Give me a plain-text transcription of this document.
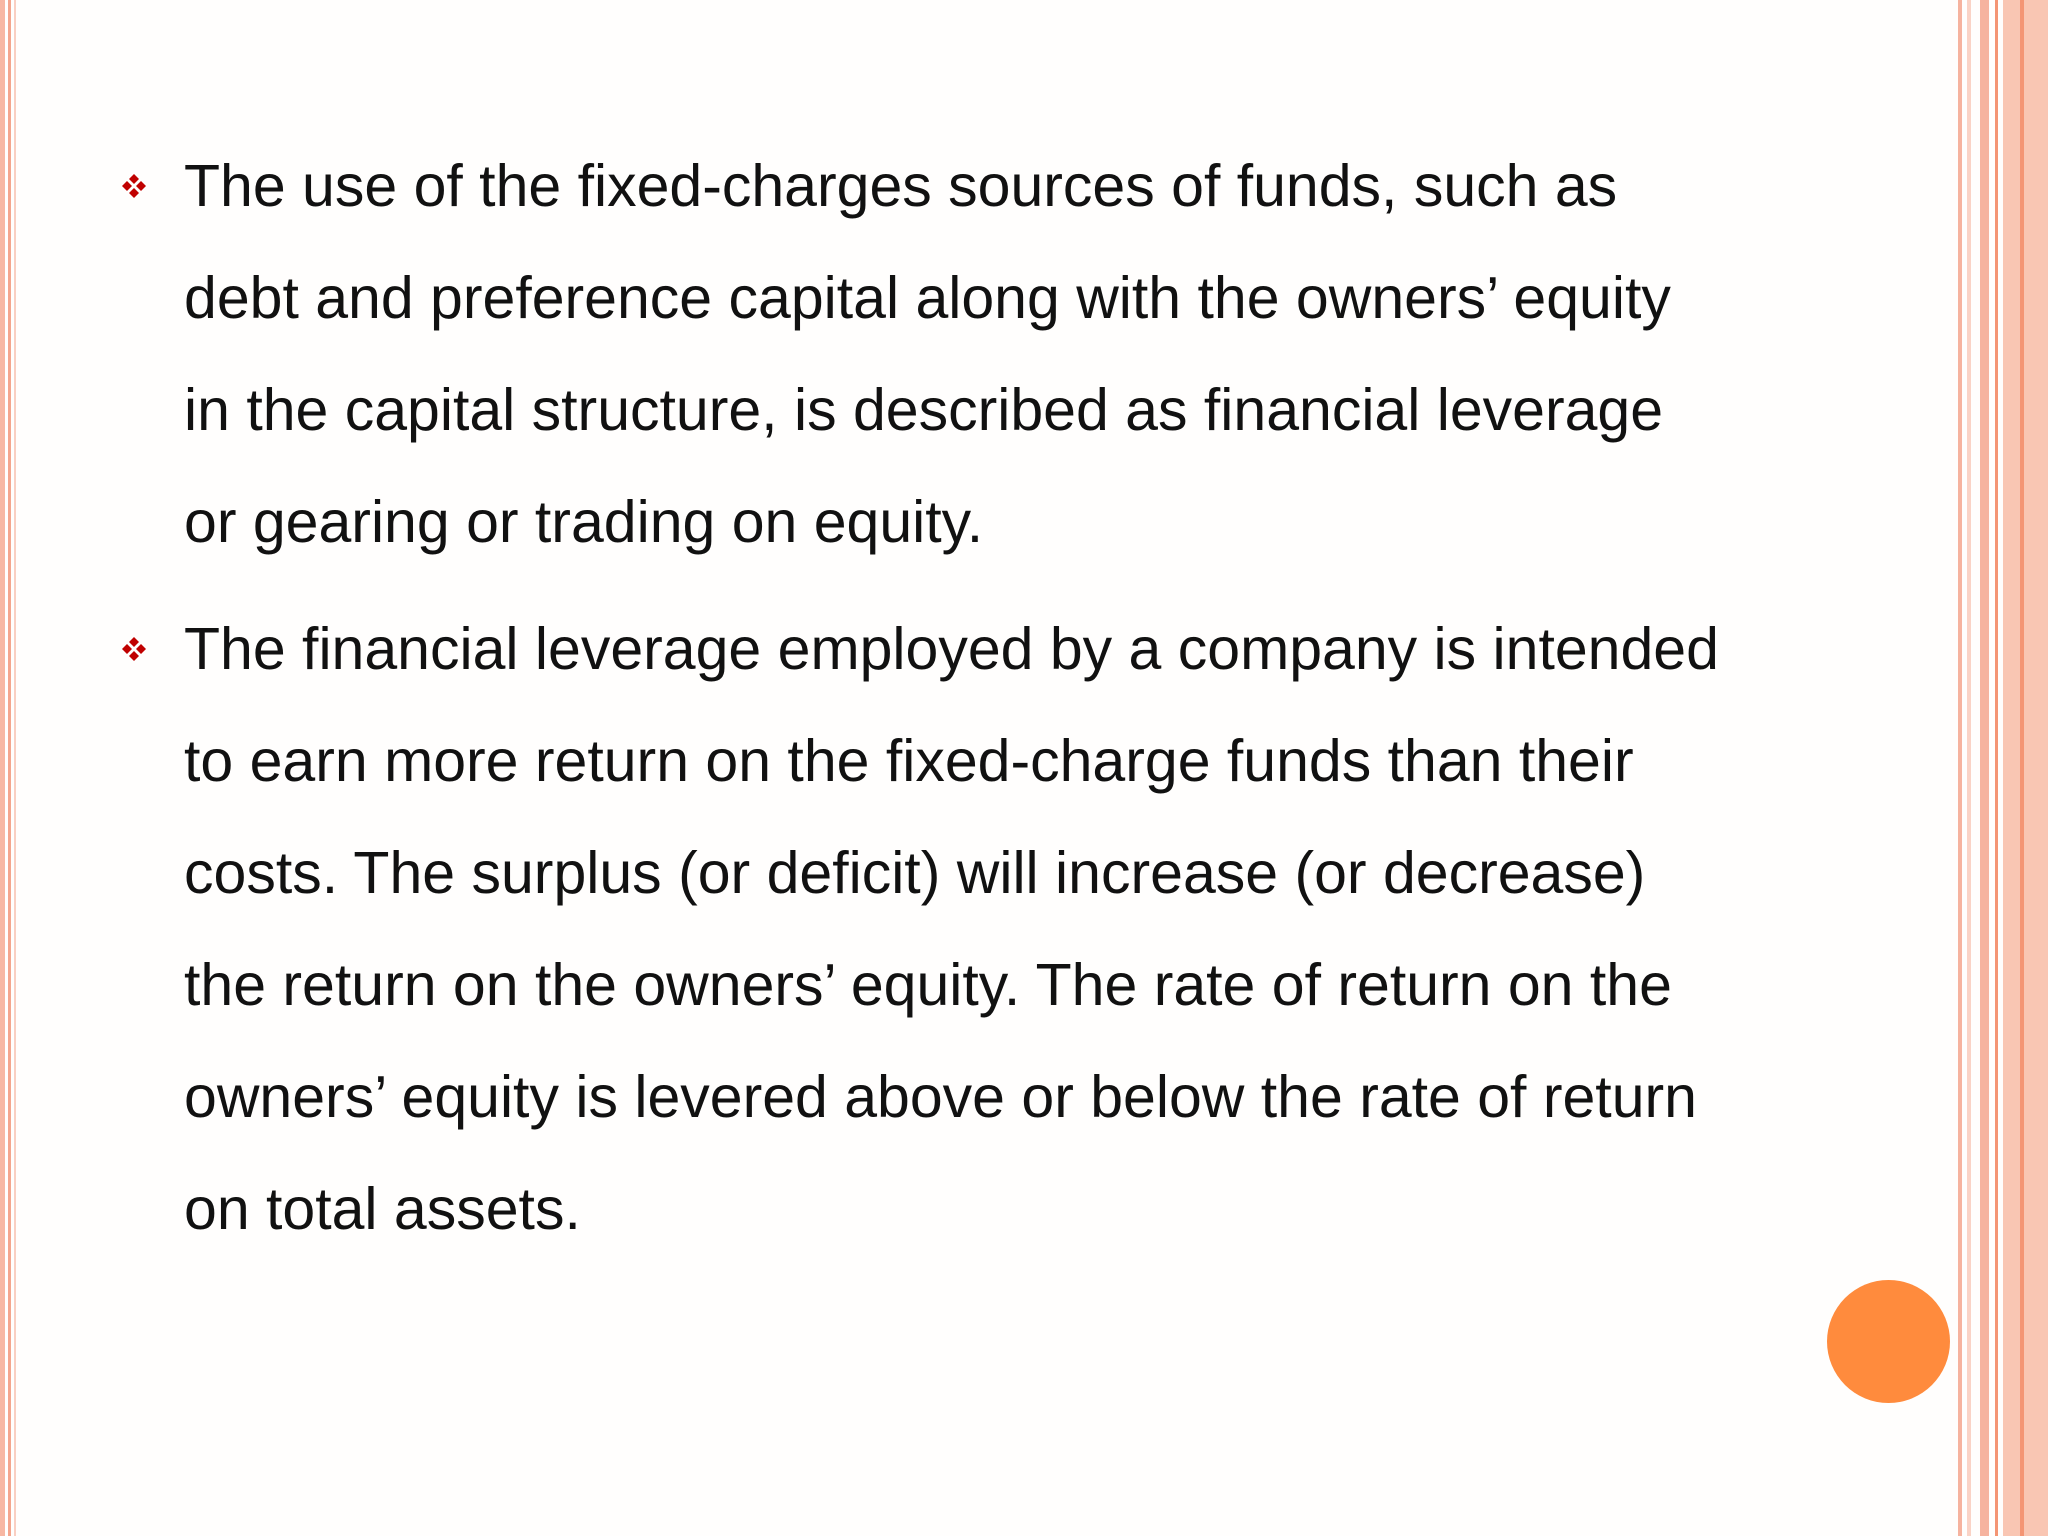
The use of the fixed-charges sources of funds, such as debt and preference capital along with the owners’ equity in the capital structure, is described as financial leverage or gearing or trading on equity.

The financial leverage employed by a company is intended to earn more return on the fixed-charge funds than their costs. The surplus (or deficit) will increase (or decrease) the return on the owners’ equity. The rate of return on the owners’ equity is levered above or below the rate of return on total assets.
